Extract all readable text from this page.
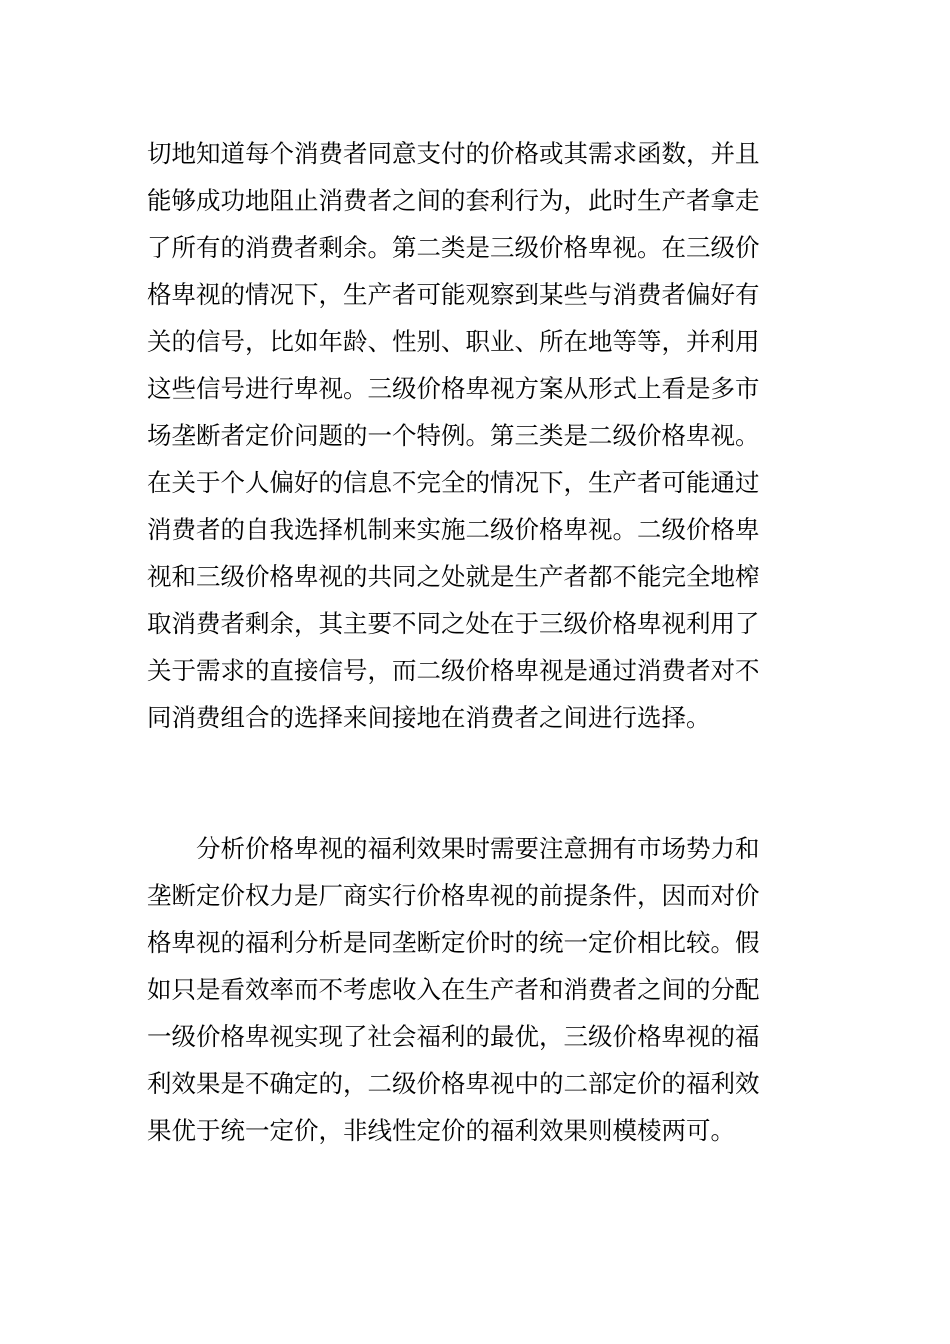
切地知道每个消费者同意支付的价格或其需求函数，并且
能够成功地阻止消费者之间的套利行为，此时生产者拿走
了所有的消费者剩余。第二类是三级价格卑视。在三级价
格卑视的情况下，生产者可能观察到某些与消费者偏好有
关的信号，比如年龄、性别、职业、所在地等等，并利用
这些信号进行卑视。三级价格卑视方案从形式上看是多市
场垄断者定价问题的一个特例。第三类是二级价格卑视。
在关于个人偏好的信息不完全的情况下，生产者可能通过
消费者的自我选择机制来实施二级价格卑视。二级价格卑
视和三级价格卑视的共同之处就是生产者都不能完全地榨
取消费者剩余，其主要不同之处在于三级价格卑视利用了
关于需求的直接信号，而二级价格卑视是通过消费者对不
同消费组合的选择来间接地在消费者之间进行选择。
分析价格卑视的福利效果时需要注意拥有市场势力和
垄断定价权力是厂商实行价格卑视的前提条件，因而对价
格卑视的福利分析是同垄断定价时的统一定价相比较。假
如只是看效率而不考虑收入在生产者和消费者之间的分配
一级价格卑视实现了社会福利的最优，三级价格卑视的福
利效果是不确定的，二级价格卑视中的二部定价的福利效
果优于统一定价，非线性定价的福利效果则模棱两可。
